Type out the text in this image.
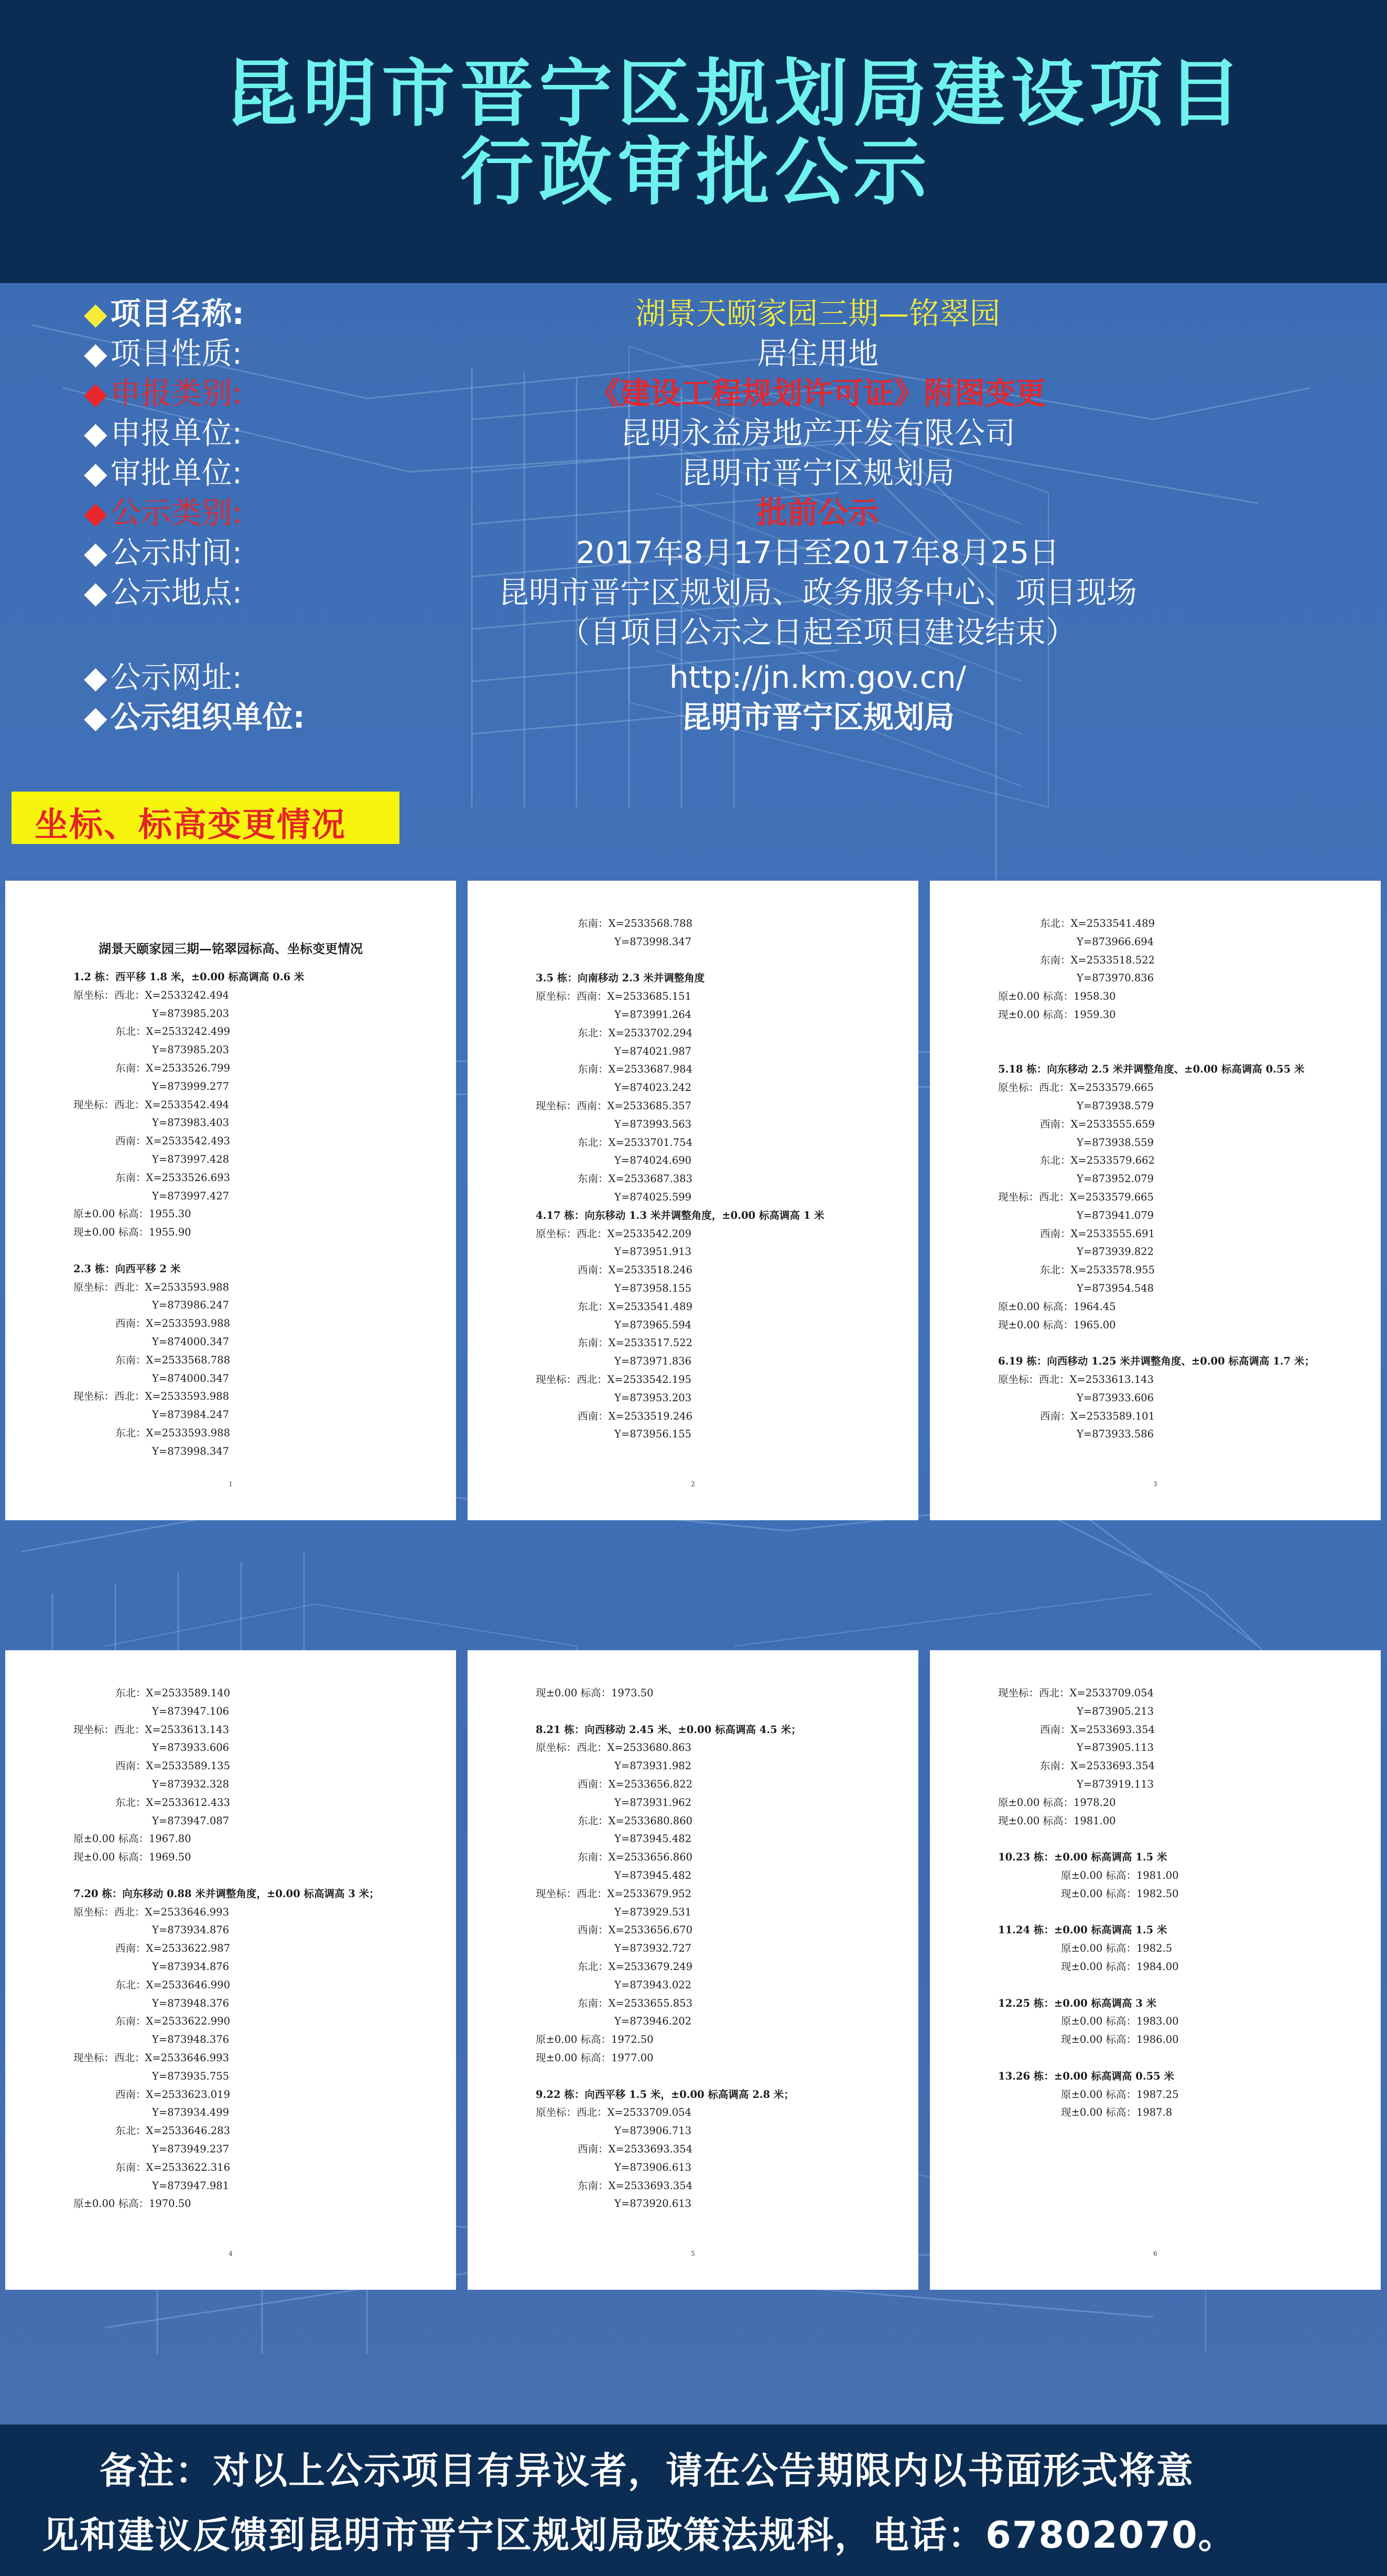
昆明市晋宁区规划局建设项目
行政审批公示
◆ 项目名称:	湖景天颐家园三期—铭翠园
◆ 项目性质:	居住用地
◆ 申报类别:	《建设工程规划许可证》附图变更
◆ 申报单位:	昆明永益房地产开发有限公司
◆ 审批单位:	昆明市晋宁区规划局
◆ 公示类别:	批前公示
◆ 公示时间:	2017年8月17日至2017年8月25日
◆ 公示地点:	昆明市晋宁区规划局、政务服务中心、项目现场
（自项目公示之日起至项目建设结束）
◆ 公示网址:	http://jn.km.gov.cn/
◆ 公示组织单位:	昆明市晋宁区规划局
坐标、标高变更情况
湖景天颐家园三期—铭翠园标高、坐标变更情况
1.2 栋：西平移 1.8 米，±0.00 标高调高 0.6 米
原坐标：西北：X=2533242.494
Y=873985.203
东北：X=2533242.499
Y=873985.203
东南：X=2533526.799
Y=873999.277
现坐标：西北：X=2533542.494
Y=873983.403
西南：X=2533542.493
Y=873997.428
东南：X=2533526.693
Y=873997.427
原±0.00 标高：1955.30
现±0.00 标高：1955.90
2.3 栋：向西平移 2 米
原坐标：西北：X=2533593.988
Y=873986.247
西南：X=2533593.988
Y=874000.347
东南：X=2533568.788
Y=874000.347
现坐标：西北：X=2533593.988
Y=873984.247
东北：X=2533593.988
Y=873998.347
1
东南：X=2533568.788
Y=873998.347
3.5 栋：向南移动 2.3 米并调整角度
原坐标：西南：X=2533685.151
Y=873991.264
东北：X=2533702.294
Y=874021.987
东南：X=2533687.984
Y=874023.242
现坐标：西南：X=2533685.357
Y=873993.563
东北：X=2533701.754
Y=874024.690
东南：X=2533687.383
Y=874025.599
4.17 栋：向东移动 1.3 米并调整角度，±0.00 标高调高 1 米
原坐标：西北：X=2533542.209
Y=873951.913
西南：X=2533518.246
Y=873958.155
东北：X=2533541.489
Y=873965.594
东南：X=2533517.522
Y=873971.836
现坐标：西北：X=2533542.195
Y=873953.203
西南：X=2533519.246
Y=873956.155
2
东北：X=2533541.489
Y=873966.694
东南：X=2533518.522
Y=873970.836
原±0.00 标高：1958.30
现±0.00 标高：1959.30
5.18 栋：向东移动 2.5 米并调整角度、±0.00 标高调高 0.55 米
原坐标：西北：X=2533579.665
Y=873938.579
西南：X=2533555.659
Y=873938.559
东北：X=2533579.662
Y=873952.079
现坐标：西北：X=2533579.665
Y=873941.079
西南：X=2533555.691
Y=873939.822
东北：X=2533578.955
Y=873954.548
原±0.00 标高：1964.45
现±0.00 标高：1965.00
6.19 栋：向西移动 1.25 米并调整角度、±0.00 标高调高 1.7 米；
原坐标：西北：X=2533613.143
Y=873933.606
西南：X=2533589.101
Y=873933.586
3
东北：X=2533589.140
Y=873947.106
现坐标：西北：X=2533613.143
Y=873933.606
西南：X=2533589.135
Y=873932.328
东北：X=2533612.433
Y=873947.087
原±0.00 标高：1967.80
现±0.00 标高：1969.50
7.20 栋：向东移动 0.88 米并调整角度，±0.00 标高调高 3 米；
原坐标：西北：X=2533646.993
Y=873934.876
西南：X=2533622.987
Y=873934.876
东北：X=2533646.990
Y=873948.376
东南：X=2533622.990
Y=873948.376
现坐标：西北：X=2533646.993
Y=873935.755
西南：X=2533623.019
Y=873934.499
东北：X=2533646.283
Y=873949.237
东南：X=2533622.316
Y=873947.981
原±0.00 标高：1970.50
4
现±0.00 标高：1973.50
8.21 栋：向西移动 2.45 米、±0.00 标高调高 4.5 米；
原坐标：西北：X=2533680.863
Y=873931.982
西南：X=2533656.822
Y=873931.962
东北：X=2533680.860
Y=873945.482
东南：X=2533656.860
Y=873945.482
现坐标：西北：X=2533679.952
Y=873929.531
西南：X=2533656.670
Y=873932.727
东北：X=2533679.249
Y=873943.022
东南：X=2533655.853
Y=873946.202
原±0.00 标高：1972.50
现±0.00 标高：1977.00
9.22 栋：向西平移 1.5 米，±0.00 标高调高 2.8 米；
原坐标：西北：X=2533709.054
Y=873906.713
西南：X=2533693.354
Y=873906.613
东南：X=2533693.354
Y=873920.613
5
现坐标：西北：X=2533709.054
Y=873905.213
西南：X=2533693.354
Y=873905.113
东南：X=2533693.354
Y=873919.113
原±0.00 标高：1978.20
现±0.00 标高：1981.00
10.23 栋：±0.00 标高调高 1.5 米
原±0.00 标高：1981.00
现±0.00 标高：1982.50
11.24 栋：±0.00 标高调高 1.5 米
原±0.00 标高：1982.5
现±0.00 标高：1984.00
12.25 栋：±0.00 标高调高 3 米
原±0.00 标高：1983.00
现±0.00 标高：1986.00
13.26 栋：±0.00 标高调高 0.55 米
原±0.00 标高：1987.25
现±0.00 标高：1987.8
6
备注：对以上公示项目有异议者，请在公告期限内以书面形式将意
见和建议反馈到昆明市晋宁区规划局政策法规科，电话：67802070。
